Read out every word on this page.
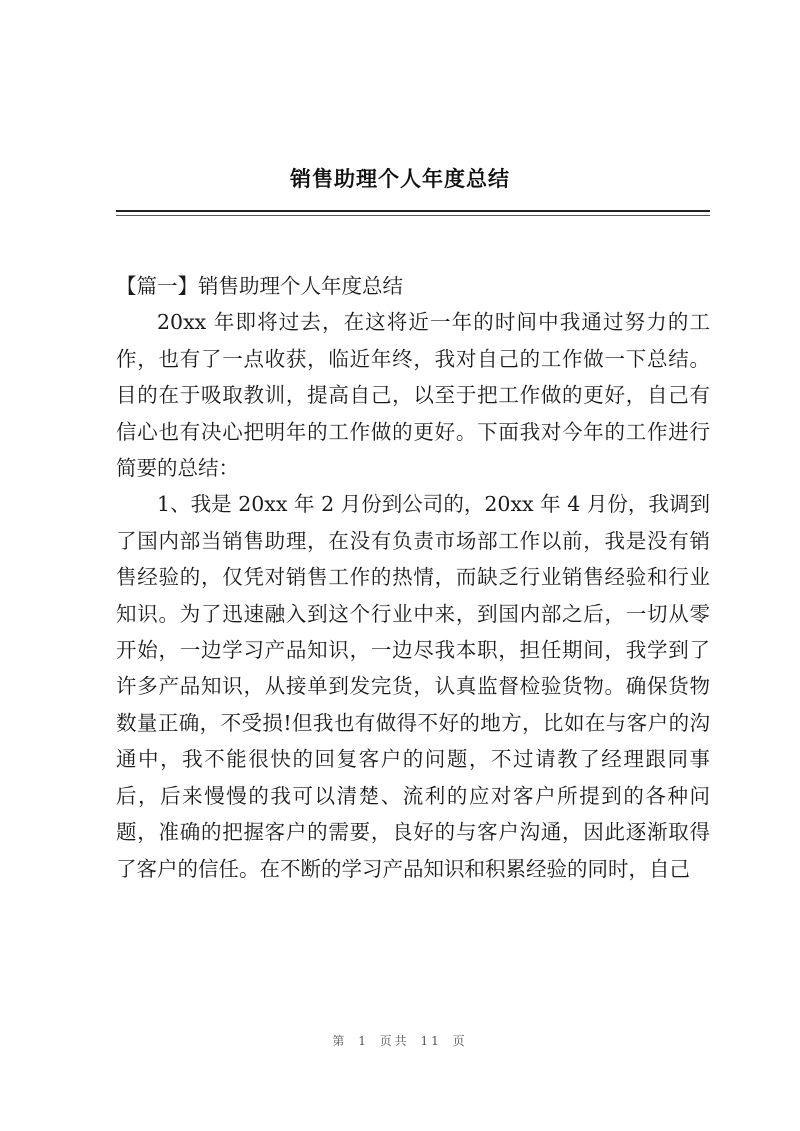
销售助理个人年度总结

【篇一】销售助理个人年度总结

20xx 年即将过去，在这将近一年的时间中我通过努力的工作，也有了一点收获，临近年终，我对自己的工作做一下总结。目的在于吸取教训，提高自己，以至于把工作做的更好，自己有信心也有决心把明年的工作做的更好。下面我对今年的工作进行简要的总结：

1、我是 20xx 年 2 月份到公司的，20xx 年 4 月份，我调到了国内部当销售助理，在没有负责市场部工作以前，我是没有销售经验的，仅凭对销售工作的热情，而缺乏行业销售经验和行业知识。为了迅速融入到这个行业中来，到国内部之后，一切从零开始，一边学习产品知识，一边尽我本职，担任期间，我学到了许多产品知识，从接单到发完货，认真监督检验货物。确保货物数量正确，不受损!但我也有做得不好的地方，比如在与客户的沟通中，我不能很快的回复客户的问题，不过请教了经理跟同事后，后来慢慢的我可以清楚、流利的应对客户所提到的各种问题，准确的把握客户的需要，良好的与客户沟通，因此逐渐取得了客户的信任。在不断的学习产品知识和积累经验的同时，自己

第 1 页共 11 页
